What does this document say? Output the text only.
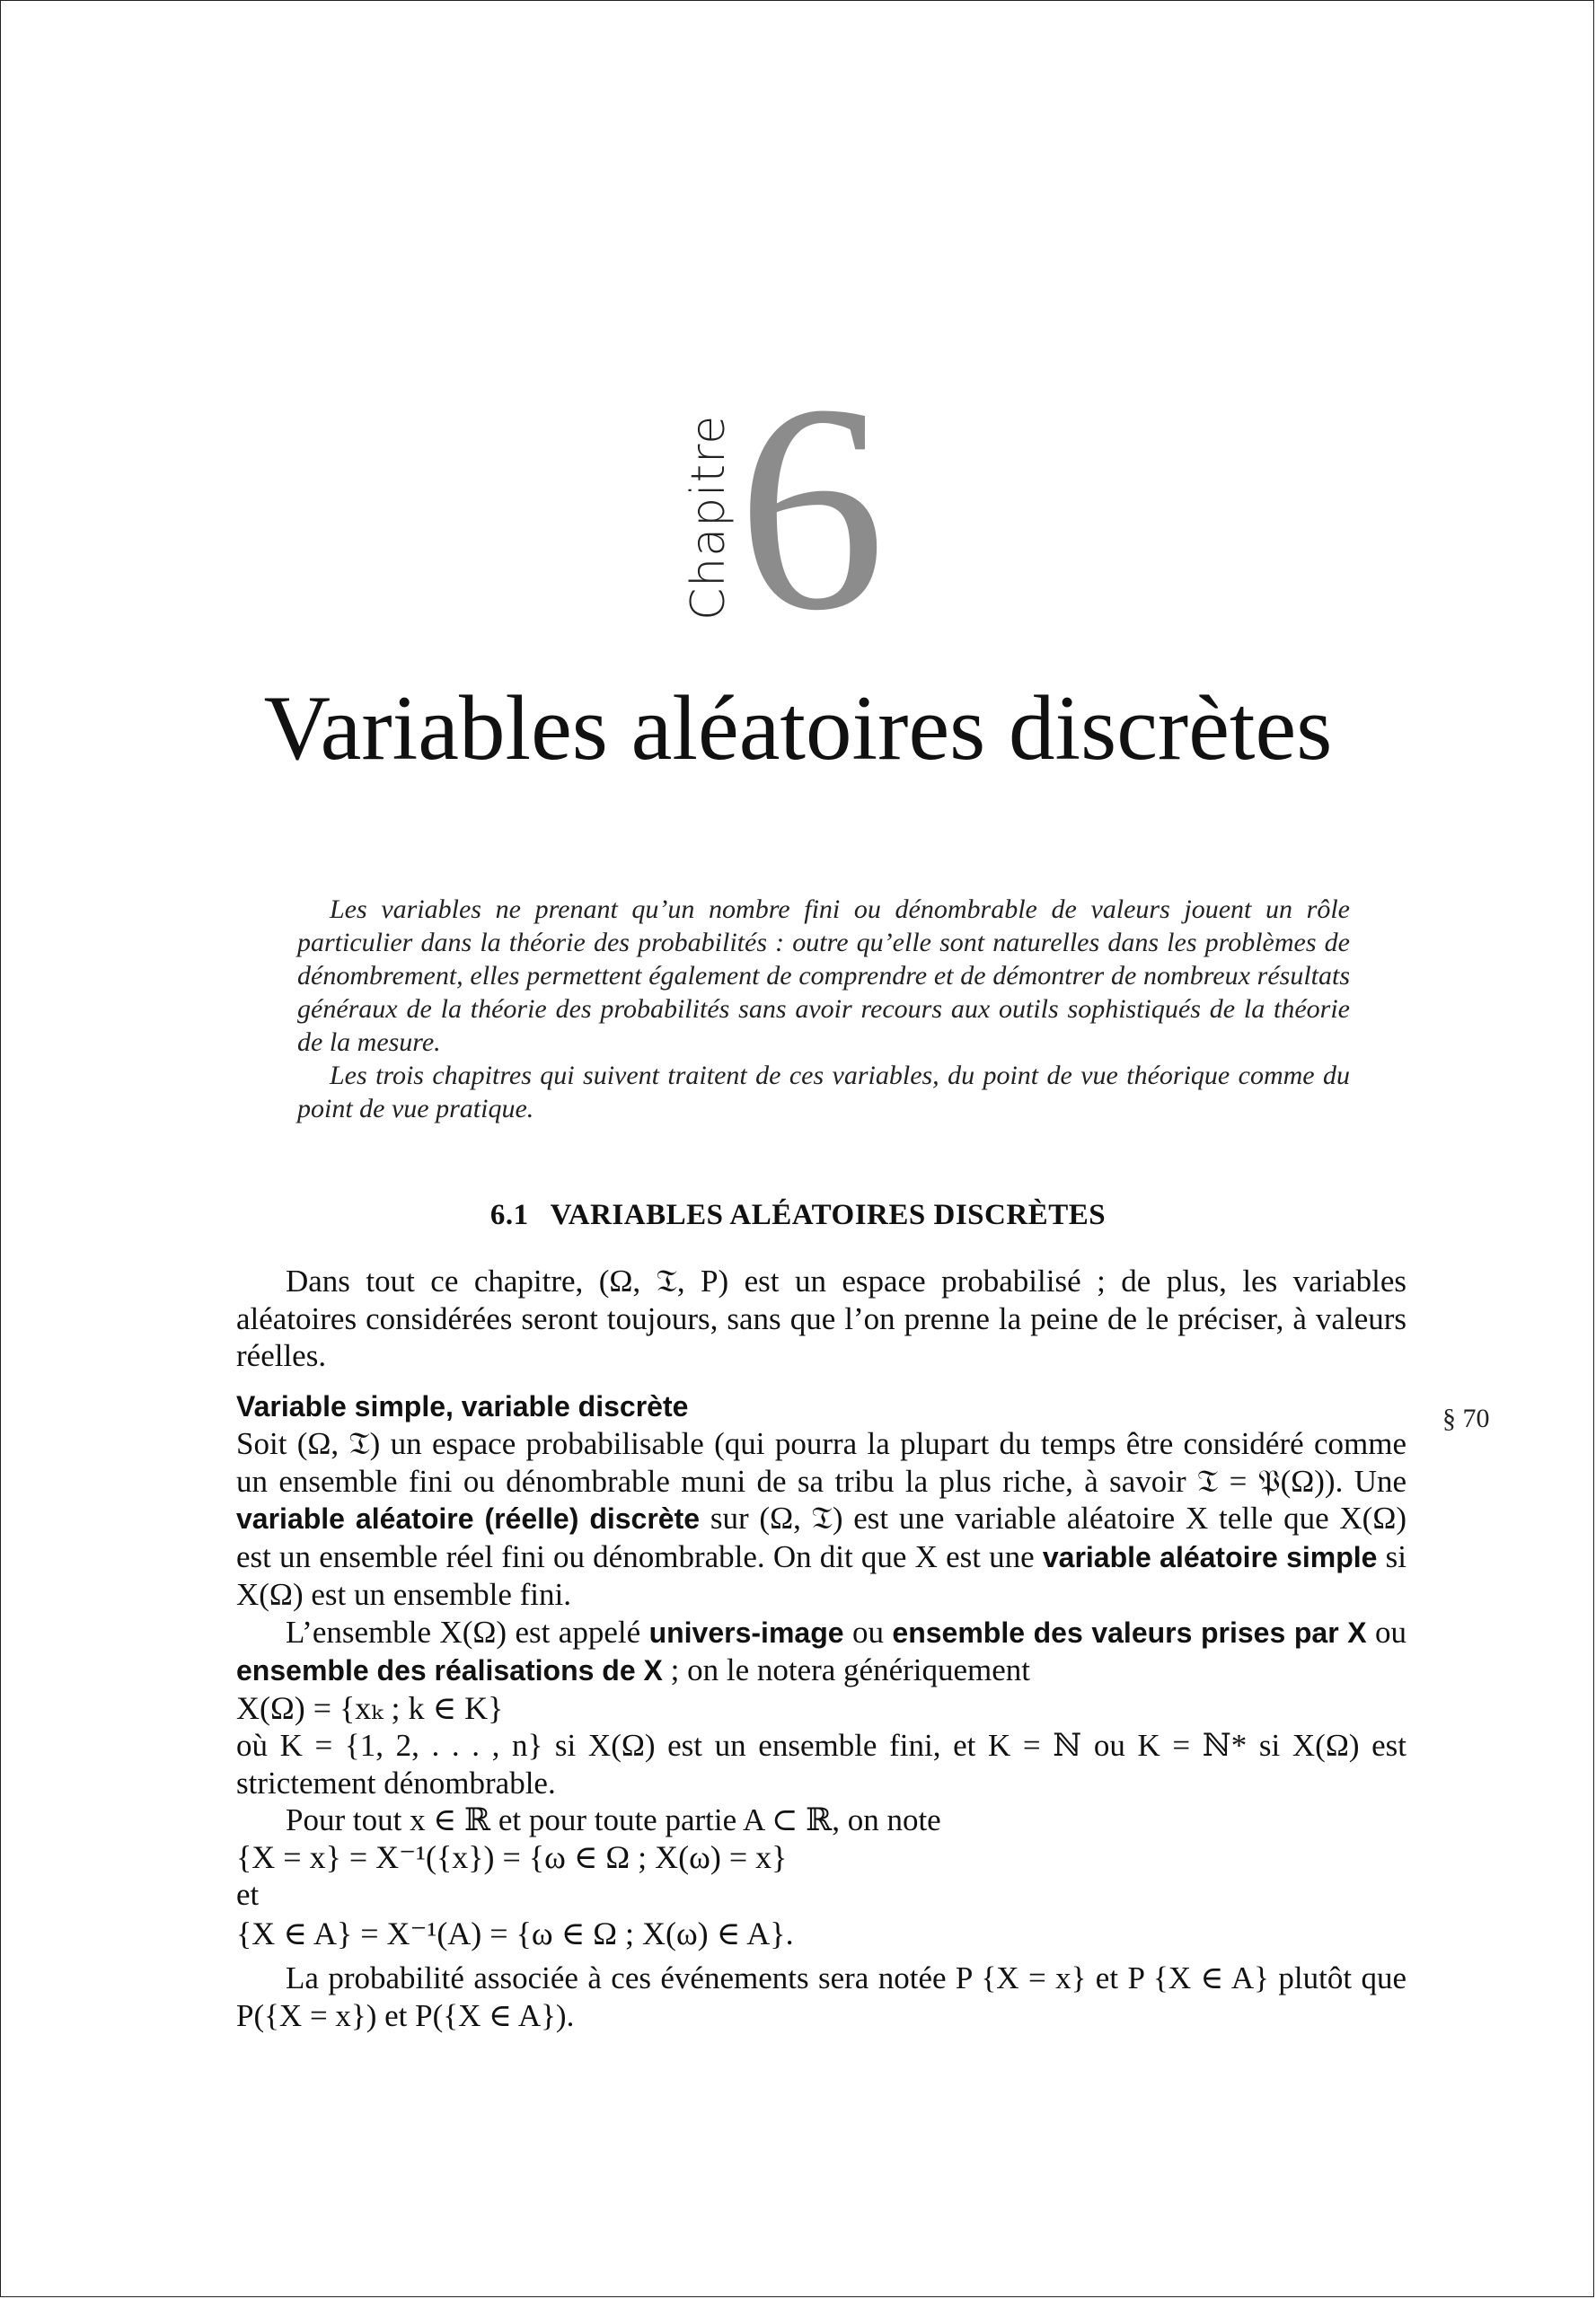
Chapitre 6
Variables aléatoires discrètes

Les variables ne prenant qu’un nombre fini ou dénombrable de valeurs jouent un rôle particulier dans la théorie des probabilités : outre qu’elle sont naturelles dans les problèmes de dénombrement, elles permettent également de comprendre et de démontrer de nombreux résultats généraux de la théorie des probabilités sans avoir recours aux outils sophistiqués de la théorie de la mesure.

Les trois chapitres qui suivent traitent de ces variables, du point de vue théorique comme du point de vue pratique.

6.1 VARIABLES ALÉATOIRES DISCRÈTES
§ 70

Dans tout ce chapitre, (Ω, 𝔗, P) est un espace probabilisé ; de plus, les variables aléatoires considérées seront toujours, sans que l’on prenne la peine de le préciser, à valeurs réelles.

Variable simple, variable discrète

Soit (Ω, 𝔗) un espace probabilisable (qui pourra la plupart du temps être considéré comme un ensemble fini ou dénombrable muni de sa tribu la plus riche, à savoir 𝔗 = 𝔓(Ω)). Une variable aléatoire (réelle) discrète sur (Ω, 𝔗) est une variable aléatoire X telle que X(Ω) est un ensemble réel fini ou dénombrable. On dit que X est une variable aléatoire simple si X(Ω) est un ensemble fini.

L’ensemble X(Ω) est appelé univers-image ou ensemble des valeurs prises par X ou ensemble des réalisations de X ; on le notera génériquement

X(Ω) = {xₖ ; k ∈ K}

où K = {1, 2, . . . , n} si X(Ω) est un ensemble fini, et K = ℕ ou K = ℕ* si X(Ω) est strictement dénombrable.

Pour tout x ∈ ℝ et pour toute partie A ⊂ ℝ, on note

{X = x} = X⁻¹({x}) = {ω ∈ Ω ; X(ω) = x}

et

{X ∈ A} = X⁻¹(A) = {ω ∈ Ω ; X(ω) ∈ A}.

La probabilité associée à ces événements sera notée P {X = x} et P {X ∈ A} plutôt que P({X = x}) et P({X ∈ A}).
